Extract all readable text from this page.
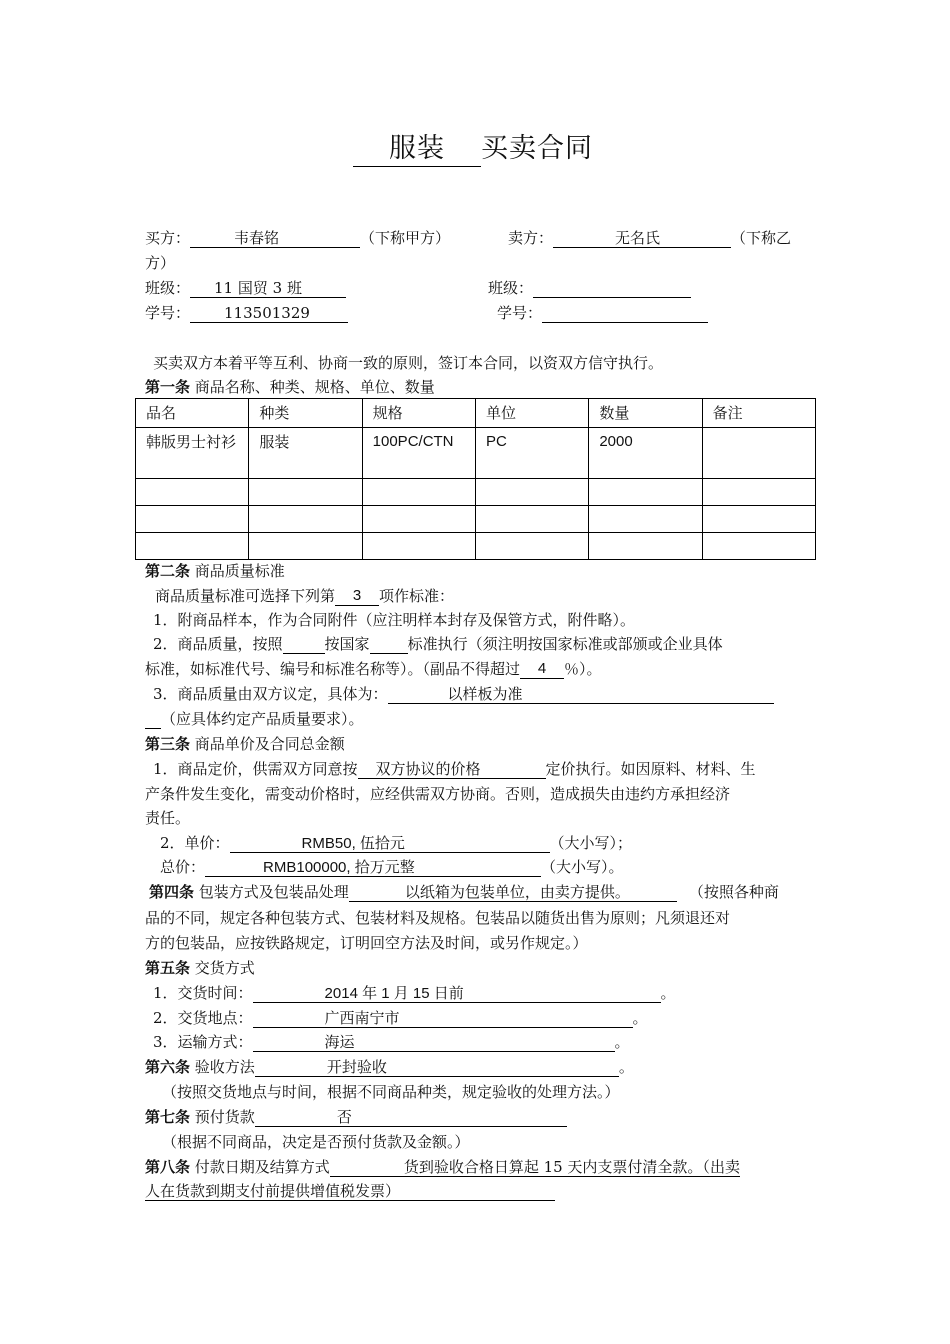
服装 买卖合同
买方：	韦春铭	（下称甲方）	卖方：	无名氏	（下称乙
方）
班级： 11 国贸 3 班	班级：
学号： 113501329	学号：
买卖双方本着平等互利、协商一致的原则，签订本合同，以资双方信守执行。
第一条 商品名称、种类、规格、单位、数量
品名	种类	规格	单位	数量	备注
韩版男士衬衫	服装	100PC/CTN	PC	2000	

第二条 商品质量标准
商品质量标准可选择下列第 3 项作标准：
1．附商品样本，作为合同附件（应注明样本封存及保管方式，附件略）。
2．商品质量，按照	按国家	标准执行（须注明按国家标准或部颁或企业具体
标准，如标准代号、编号和标准名称等）。（副品不得超过 4 ％）。
3．商品质量由双方议定，具体为：	以样板为准
（应具体约定产品质量要求）。
第三条 商品单价及合同总金额
1．商品定价，供需双方同意按 双方协议的价格	定价执行。如因原料、材料、生
产条件发生变化，需变动价格时，应经供需双方协商。否则，造成损失由违约方承担经济
责任。
2．单价：	RMB50, 伍拾元	（大小写）；
总价：	RMB100000, 拾万元整	（大小写）。
第四条 包装方式及包装品处理	以纸箱为包装单位，由卖方提供。	（按照各种商
品的不同，规定各种包装方式、包装材料及规格。包装品以随货出售为原则；凡须退还对
方的包装品，应按铁路规定，订明回空方法及时间，或另作规定。）
第五条 交货方式
1．交货时间：	2014 年 1 月 15 日前	。
2．交货地点：	广西南宁市	。
3．运输方式：	海运	。
第六条 验收方法	开封验收	。
（按照交货地点与时间，根据不同商品种类，规定验收的处理方法。）
第七条 预付货款	否
（根据不同商品，决定是否预付货款及金额。）
第八条 付款日期及结算方式	货到验收合格日算起 15 天内支票付清全款。（出卖
人在货款到期支付前提供增值税发票）
